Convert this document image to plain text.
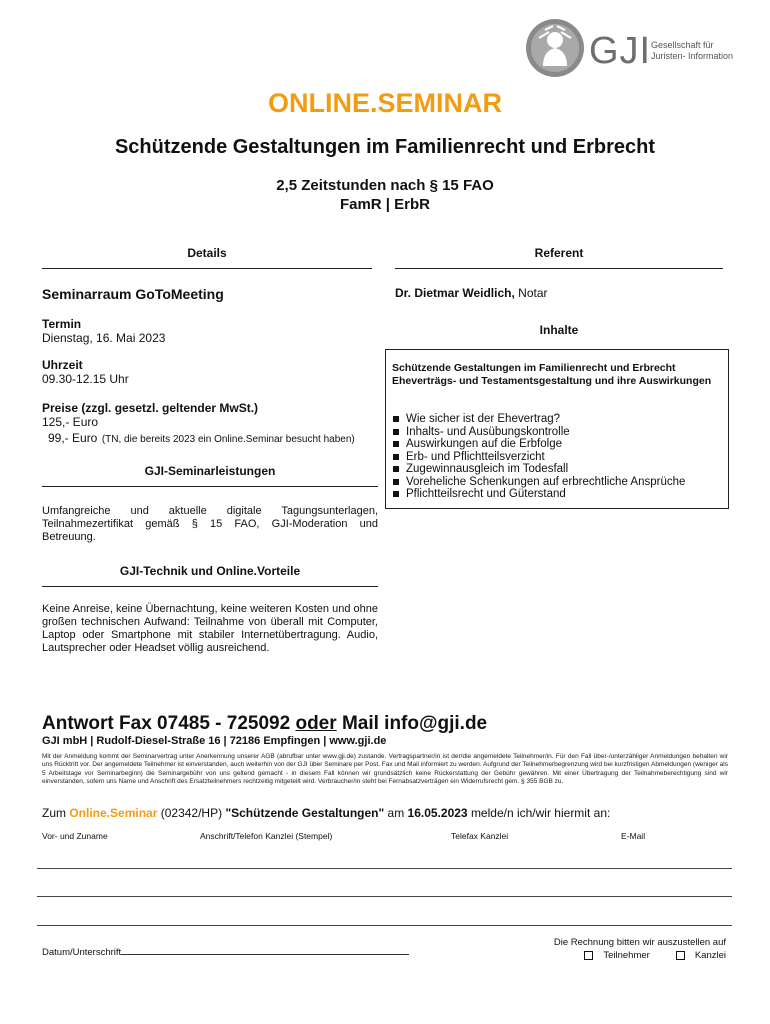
GJI Gesellschaft für
Juristen- Information
ONLINE.SEMINAR
Schützende Gestaltungen im Familienrecht und Erbrecht
2,5 Zeitstunden nach § 15 FAO
FamR | ErbR
Details	Referent
Seminarraum GoToMeeting
Termin
Dienstag, 16. Mai 2023
Uhrzeit
09.30-12.15 Uhr
Preise (zzgl. gesetzl. geltender MwSt.)
125,- Euro
99,- Euro (TN, die bereits 2023 ein Online.Seminar besucht haben)
GJI-Seminarleistungen
Umfangreiche und aktuelle digitale Tagungsunterlagen, Teilnahmezertifikat gemäß § 15 FAO, GJI-Moderation und Betreuung.
GJI-Technik und Online.Vorteile
Keine Anreise, keine Übernachtung, keine weiteren Kosten und ohne großen technischen Aufwand: Teilnahme von überall mit Computer, Laptop oder Smartphone mit stabiler Internetübertragung. Audio, Lautsprecher oder Headset völlig ausreichend.
Dr. Dietmar Weidlich, Notar
Inhalte
Schützende Gestaltungen im Familienrecht und Erbrecht
Eheverträgs- und Testamentsgestaltung und ihre Auswirkungen
Wie sicher ist der Ehevertrag?
Inhalts- und Ausübungskontrolle
Auswirkungen auf die Erbfolge
Erb- und Pflichtteilsverzicht
Zugewinnausgleich im Todesfall
Voreheliche Schenkungen auf erbrechtliche Ansprüche
Pflichtteilsrecht und Güterstand
Antwort Fax 07485 - 725092 oder Mail info@gji.de
GJI mbH | Rudolf-Diesel-Straße 16 | 72186 Empfingen | www.gji.de
Mit der Anmeldung kommt der Seminarvertrag unter Anerkennung unserer AGB (abrufbar unter www.gji.de) zustande. Vertragspartner/in ist der/die angemeldete Teilnehmer/in. Für den Fall über-/unterzähliger Anmeldungen behalten wir uns Rücktritt vor. Der angemeldete Teilnehmer ist einverstanden, auch weiterhin von der GJI über Seminare per Post, Fax und Mail informiert zu werden. Aufgrund der Teilnehmerbegrenzung wird bei kurzfristigen Abmeldungen (weniger als 5 Arbeitstage vor Seminarbeginn) die Seminargebühr von uns geltend gemacht - in diesem Fall können wir grundsätzlich keine Rückerstattung der Gebühr gewähren. Mit einer Übertragung der Teilnahmeberechtigung sind wir einverstanden, sofern uns Name und Anschrift des Ersatzteilnehmers rechtzeitig mitgeteilt wird. Verbraucher/in steht bei Fernabsatzverträgen ein Widerrufsrecht gem. § 355 BGB zu.
Zum Online.Seminar (02342/HP) "Schützende Gestaltungen" am 16.05.2023 melde/n ich/wir hiermit an:
Vor- und Zuname	Anschrift/Telefon Kanzlei (Stempel)	Telefax Kanzlei	E-Mail
Datum/Unterschrift
Die Rechnung bitten wir auszustellen auf
Teilnehmer	Kanzlei
